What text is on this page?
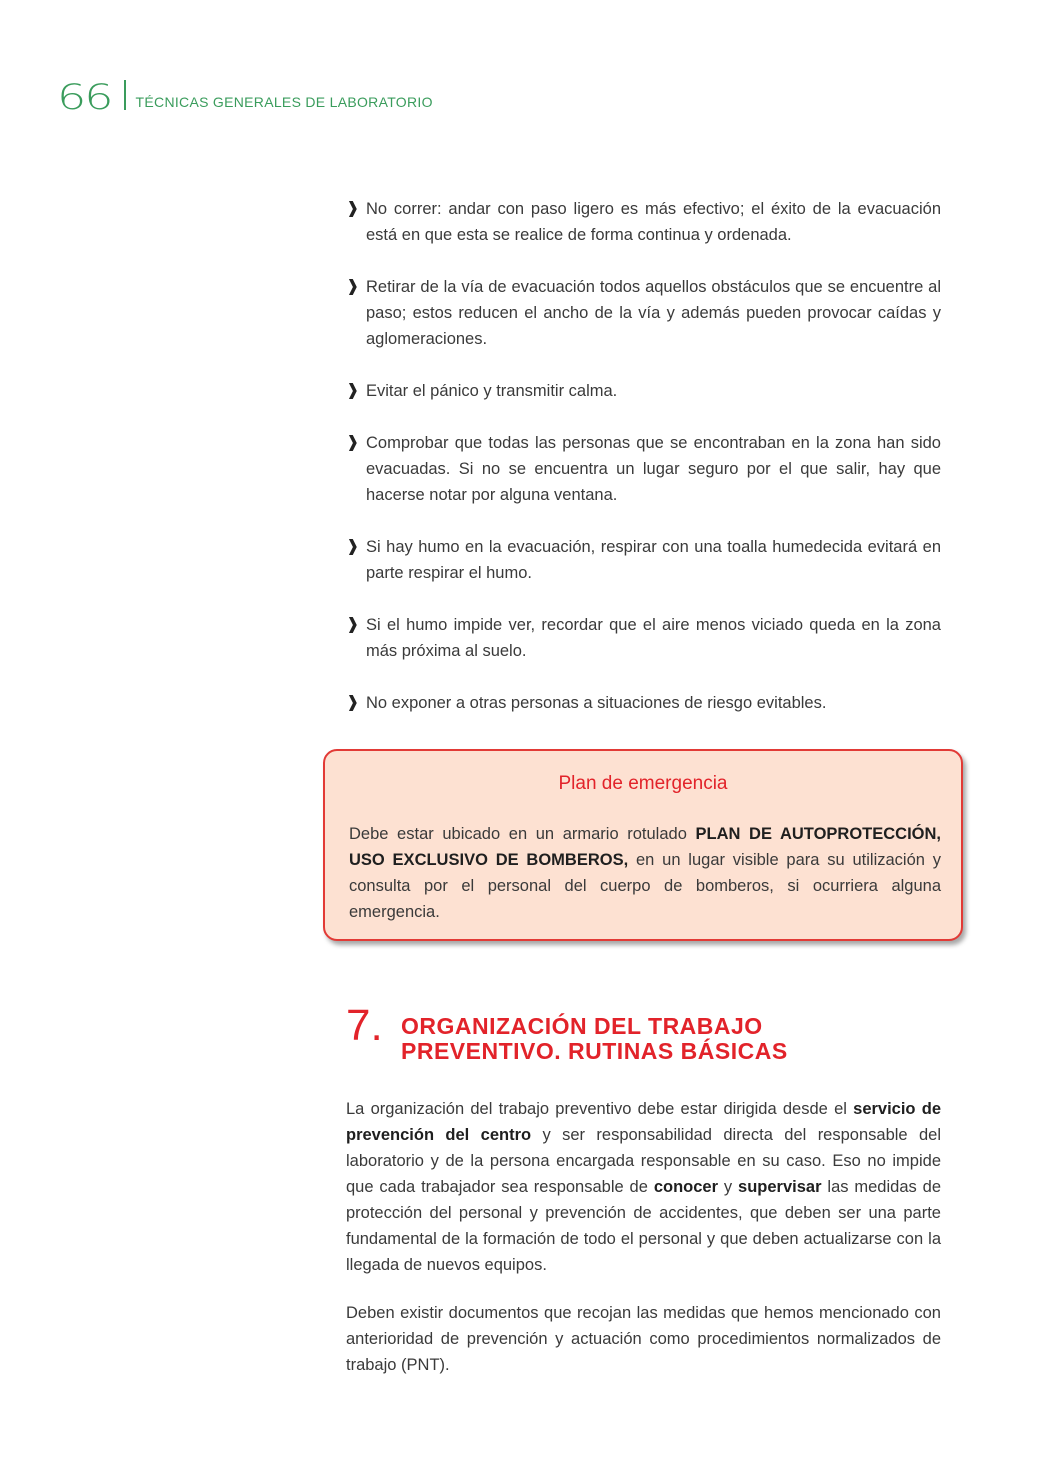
66 TÉCNICAS GENERALES DE LABORATORIO
❱ No correr: andar con paso ligero es más efectivo; el éxito de la evacuación está en que esta se realice de forma continua y ordenada.
❱ Retirar de la vía de evacuación todos aquellos obstáculos que se encuentre al paso; estos reducen el ancho de la vía y además pueden provocar caídas y aglomeraciones.
❱ Evitar el pánico y transmitir calma.
❱ Comprobar que todas las personas que se encontraban en la zona han sido evacuadas. Si no se encuentra un lugar seguro por el que salir, hay que hacerse notar por alguna ventana.
❱ Si hay humo en la evacuación, respirar con una toalla humedecida evitará en parte respirar el humo.
❱ Si el humo impide ver, recordar que el aire menos viciado queda en la zona más próxima al suelo.
❱ No exponer a otras personas a situaciones de riesgo evitables.
Plan de emergencia
Debe estar ubicado en un armario rotulado PLAN DE AUTOPROTECCIÓN, USO EXCLUSIVO DE BOMBEROS, en un lugar visible para su utilización y consulta por el personal del cuerpo de bomberos, si ocurriera alguna emergencia.
7. ORGANIZACIÓN DEL TRABAJO
PREVENTIVO. RUTINAS BÁSICAS
La organización del trabajo preventivo debe estar dirigida desde el servicio de prevención del centro y ser responsabilidad directa del responsable del laboratorio y de la persona encargada responsable en su caso. Eso no impide que cada trabajador sea responsable de conocer y supervisar las medidas de protección del personal y prevención de accidentes, que deben ser una parte fundamental de la formación de todo el personal y que deben actualizarse con la llegada de nuevos equipos.
Deben existir documentos que recojan las medidas que hemos mencionado con anterioridad de prevención y actuación como procedimientos normalizados de trabajo (PNT).
